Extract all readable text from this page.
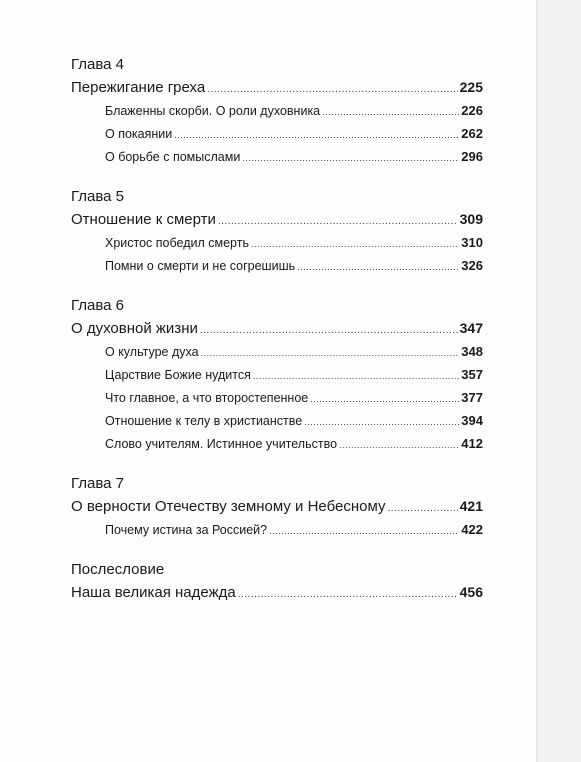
Глава 4
Пережигание греха .....	225
Блаженны скорби. О роли духовника .....	226
О покаянии .....	262
О борьбе с помыслами .....	296
Глава 5
Отношение к смерти .....	309
Христос победил смерть .....	310
Помни о смерти и не согрешишь .....	326
Глава 6
О духовной жизни .....	347
О культуре духа .....	348
Царствие Божие нудится .....	357
Что главное, а что второстепенное .....	377
Отношение к телу в христианстве .....	394
Слово учителям. Истинное учительство .....	412
Глава 7
О верности Отечеству земному и Небесному .....	421
Почему истина за Россией? .....	422
Послесловие
Наша великая надежда .....	456
